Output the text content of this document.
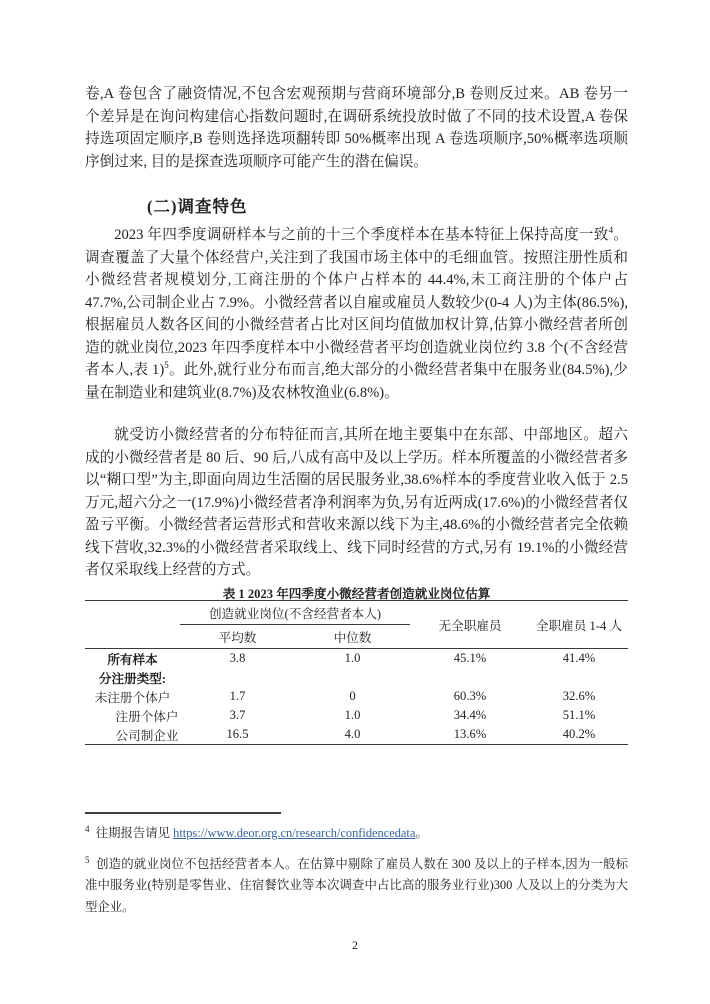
卷,A 卷包含了融资情况,不包含宏观预期与营商环境部分,B 卷则反过来。AB 卷另一个差异是在询问构建信心指数问题时,在调研系统投放时做了不同的技术设置,A 卷保持选项固定顺序,B 卷则选择选项翻转即 50%概率出现 A 卷选项顺序,50%概率选项顺序倒过来, 目的是探查选项顺序可能产生的潜在偏误。

(二)调查特色

2023 年四季度调研样本与之前的十三个季度样本在基本特征上保持高度一致$^4$。调查覆盖了大量个体经营户,关注到了我国市场主体中的毛细血管。按照注册性质和小微经营者规模划分,工商注册的个体户占样本的 44.4%,未工商注册的个体户占 47.7%,公司制企业占 7.9%。小微经营者以自雇或雇员人数较少(0-4 人)为主体(86.5%),根据雇员人数各区间的小微经营者占比对区间均值做加权计算,估算小微经营者所创造的就业岗位,2023 年四季度样本中小微经营者平均创造就业岗位约 3.8 个(不含经营者本人,表 1)$^5$。此外,就行业分布而言,绝大部分的小微经营者集中在服务业(84.5%),少量在制造业和建筑业(8.7%)及农林牧渔业(6.8%)。

就受访小微经营者的分布特征而言,其所在地主要集中在东部、中部地区。超六成的小微经营者是 80 后、90 后,八成有高中及以上学历。样本所覆盖的小微经营者多以“糊口型”为主,即面向周边生活圈的居民服务业,38.6%样本的季度营业收入低于 2.5 万元,超六分之一(17.9%)小微经营者净利润率为负,另有近两成(17.6%)的小微经营者仅盈亏平衡。小微经营者运营形式和营收来源以线下为主,48.6%的小微经营者完全依赖线下营收,32.3%的小微经营者采取线上、线下同时经营的方式,另有 19.1%的小微经营者仅采取线上经营的方式。

表 1 2023 年四季度小微经营者创造就业岗位估算

	创造就业岗位(不含经营者本人)		无全职雇员	全职雇员 1-4 人
	平均数	中位数		
所有样本	3.8	1.0	45.1%	41.4%
分注册类型:				
未注册个体户	1.7	0	60.3%	32.6%
注册个体户	3.7	1.0	34.4%	51.1%
公司制企业	16.5	4.0	13.6%	40.2%

$^4$ 往期报告请见 https://www.deor.org.cn/research/confidencedata。

$^5$ 创造的就业岗位不包括经营者本人。在估算中剔除了雇员人数在 300 及以上的子样本,因为一般标准中服务业(特别是零售业、住宿餐饮业等本次调查中占比高的服务业行业)300 人及以上的分类为大型企业。

2
